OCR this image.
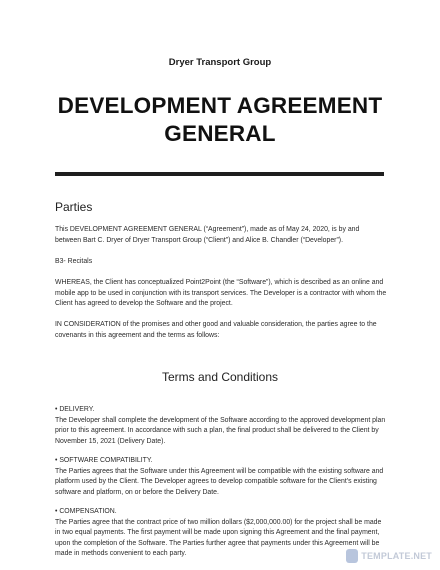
Dryer Transport Group
DEVELOPMENT AGREEMENT
GENERAL
Parties
This DEVELOPMENT AGREEMENT GENERAL (“Agreement”), made as of May 24, 2020, is by and between Bart C. Dryer of Dryer Transport Group (“Client”) and Alice B. Chandler (“Developer”).
B3- Recitals
WHEREAS, the Client has conceptualized Point2Point (the “Software”), which is described as an online and mobile app to be used in conjunction with its transport services. The Developer is a contractor with whom the Client has agreed to develop the Software and the project.
IN CONSIDERATION of the promises and other good and valuable consideration, the parties agree to the covenants in this agreement and the terms as follows:
Terms and Conditions
• DELIVERY.
The Developer shall complete the development of the Software according to the approved development plan prior to this agreement. In accordance with such a plan, the final product shall be delivered to the Client by November 15, 2021 (Delivery Date).
• SOFTWARE COMPATIBILITY.
The Parties agrees that the Software under this Agreement will be compatible with the existing software and platform used by the Client. The Developer agrees to develop compatible software for the Client’s existing software and platform, on or before the Delivery Date.
• COMPENSATION.
The Parties agree that the contract price of two million dollars ($2,000,000.00) for the project shall be made in two equal payments. The first payment will be made upon signing this Agreement and the final payment, upon the completion of the Software. The Parties further agree that payments under this Agreement will be made in methods convenient to each party.	TEMPLATE.NET
